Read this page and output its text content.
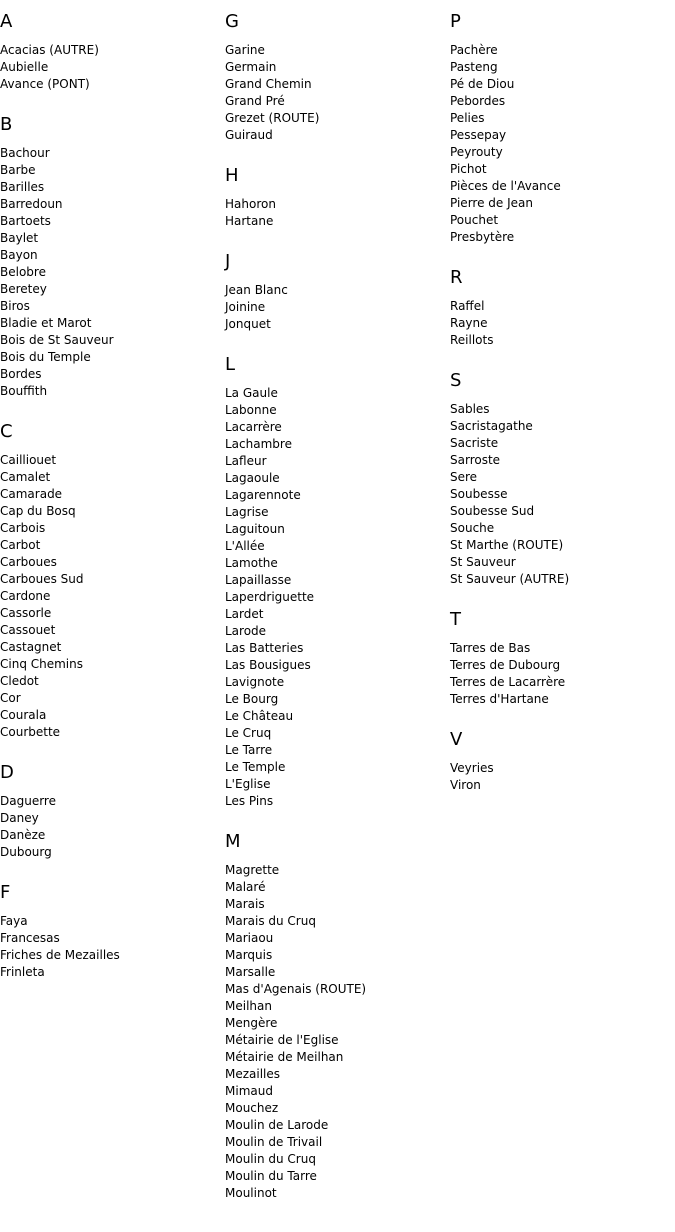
A
Acacias (AUTRE)
Aubielle
Avance (PONT)
B
Bachour
Barbe
Barilles
Barredoun
Bartoets
Baylet
Bayon
Belobre
Beretey
Biros
Bladie et Marot
Bois de St Sauveur
Bois du Temple
Bordes
Bouffith
C
Cailliouet
Camalet
Camarade
Cap du Bosq
Carbois
Carbot
Carboues
Carboues Sud
Cardone
Cassorle
Cassouet
Castagnet
Cinq Chemins
Cledot
Cor
Courala
Courbette
D
Daguerre
Daney
Danèze
Dubourg
F
Faya
Francesas
Friches de Mezailles
Frinleta
G
Garine
Germain
Grand Chemin
Grand Pré
Grezet (ROUTE)
Guiraud
H
Hahoron
Hartane
J
Jean Blanc
Joinine
Jonquet
L
La Gaule
Labonne
Lacarrère
Lachambre
Lafleur
Lagaoule
Lagarennote
Lagrise
Laguitoun
L'Allée
Lamothe
Lapaillasse
Laperdriguette
Lardet
Larode
Las Batteries
Las Bousigues
Lavignote
Le Bourg
Le Château
Le Cruq
Le Tarre
Le Temple
L'Eglise
Les Pins
M
Magrette
Malaré
Marais
Marais du Cruq
Mariaou
Marquis
Marsalle
Mas d'Agenais (ROUTE)
Meilhan
Mengère
Métairie de l'Eglise
Métairie de Meilhan
Mezailles
Mimaud
Mouchez
Moulin de Larode
Moulin de Trivail
Moulin du Cruq
Moulin du Tarre
Moulinot
P
Pachère
Pasteng
Pé de Diou
Pebordes
Pelies
Pessepay
Peyrouty
Pichot
Pièces de l'Avance
Pierre de Jean
Pouchet
Presbytère
R
Raffel
Rayne
Reillots
S
Sables
Sacristagathe
Sacriste
Sarroste
Sere
Soubesse
Soubesse Sud
Souche
St Marthe (ROUTE)
St Sauveur
St Sauveur (AUTRE)
T
Tarres de Bas
Terres de Dubourg
Terres de Lacarrère
Terres d'Hartane
V
Veyries
Viron
